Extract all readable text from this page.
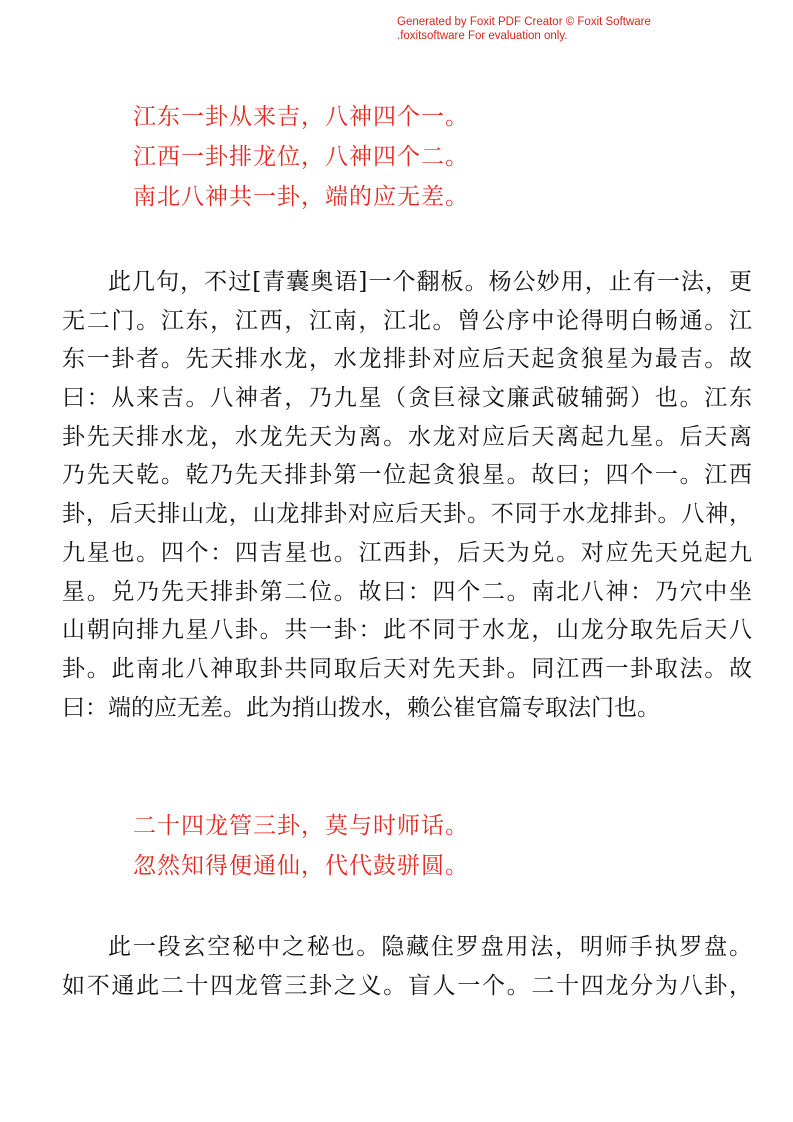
Generated by Foxit PDF Creator © Foxit Software
.foxitsoftware For evaluation only.
江东一卦从来吉，八神四个一。
江西一卦排龙位，八神四个二。
南北八神共一卦，端的应无差。
此几句，不过[青囊奥语]一个翻板。杨公妙用，止有一法，更
无二门。江东，江西，江南，江北。曾公序中论得明白畅通。江
东一卦者。先天排水龙，水龙排卦对应后天起贪狼星为最吉。故
曰：从来吉。八神者，乃九星（贪巨禄文廉武破辅弼）也。江东
卦先天排水龙，水龙先天为离。水龙对应后天离起九星。后天离
乃先天乾。乾乃先天排卦第一位起贪狼星。故曰；四个一。江西
卦，后天排山龙，山龙排卦对应后天卦。不同于水龙排卦。八神，
九星也。四个：四吉星也。江西卦，后天为兑。对应先天兑起九
星。兑乃先天排卦第二位。故曰：四个二。南北八神：乃穴中坐
山朝向排九星八卦。共一卦：此不同于水龙，山龙分取先后天八
卦。此南北八神取卦共同取后天对先天卦。同江西一卦取法。故
曰：端的应无差。此为捎山拨水，赖公崔官篇专取法门也。
二十四龙管三卦，莫与时师话。
忽然知得便通仙，代代鼓骈圆。
此一段玄空秘中之秘也。隐藏住罗盘用法，明师手执罗盘。
如不通此二十四龙管三卦之义。盲人一个。二十四龙分为八卦，
